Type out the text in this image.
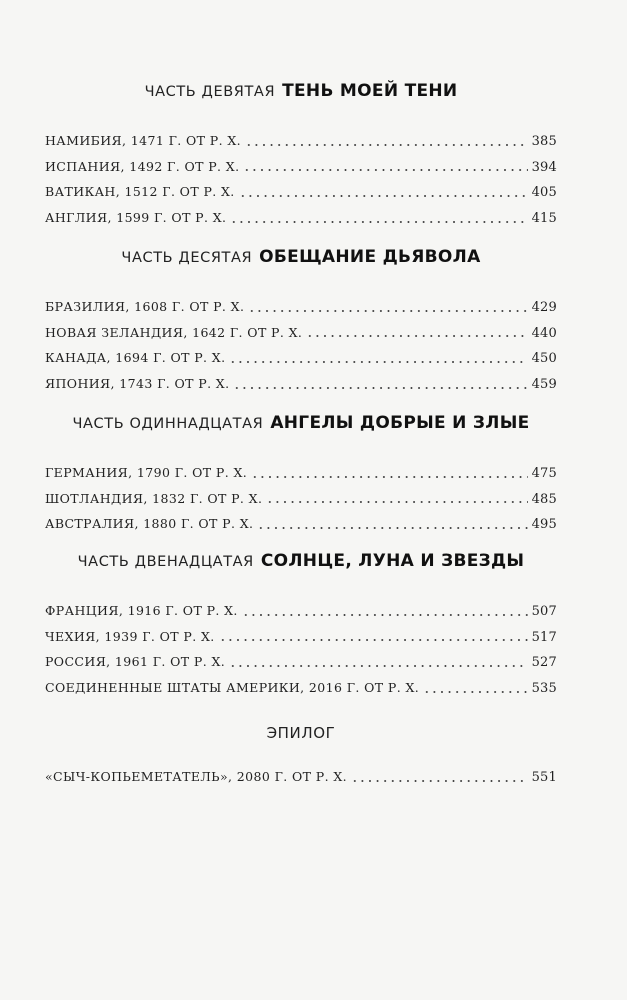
ЧАСТЬ ДЕВЯТАЯ ТЕНЬ МОЕЙ ТЕНИ
НАМИБИЯ, 1471 Г. ОТ Р. Х.	385
ИСПАНИЯ, 1492 Г. ОТ Р. Х.	394
ВАТИКАН, 1512 Г. ОТ Р. Х.	405
АНГЛИЯ, 1599 Г. ОТ Р. Х.	415
ЧАСТЬ ДЕСЯТАЯ ОБЕЩАНИЕ ДЬЯВОЛА
БРАЗИЛИЯ, 1608 Г. ОТ Р. Х.	429
НОВАЯ ЗЕЛАНДИЯ, 1642 Г. ОТ Р. Х.	440
КАНАДА, 1694 Г. ОТ Р. Х.	450
ЯПОНИЯ, 1743 Г. ОТ Р. Х.	459
ЧАСТЬ ОДИННАДЦАТАЯ АНГЕЛЫ ДОБРЫЕ И ЗЛЫЕ
ГЕРМАНИЯ, 1790 Г. ОТ Р. Х.	475
ШОТЛАНДИЯ, 1832 Г. ОТ Р. Х.	485
АВСТРАЛИЯ, 1880 Г. ОТ Р. Х.	495
ЧАСТЬ ДВЕНАДЦАТАЯ СОЛНЦЕ, ЛУНА И ЗВЕЗДЫ
ФРАНЦИЯ, 1916 Г. ОТ Р. Х.	507
ЧЕХИЯ, 1939 Г. ОТ Р. Х.	517
РОССИЯ, 1961 Г. ОТ Р. Х.	527
СОЕДИНЕННЫЕ ШТАТЫ АМЕРИКИ, 2016 Г. ОТ Р. Х.	535
ЭПИЛОГ
«СЫЧ-КОПЬЕМЕТАТЕЛЬ», 2080 Г. ОТ Р. Х.	551
